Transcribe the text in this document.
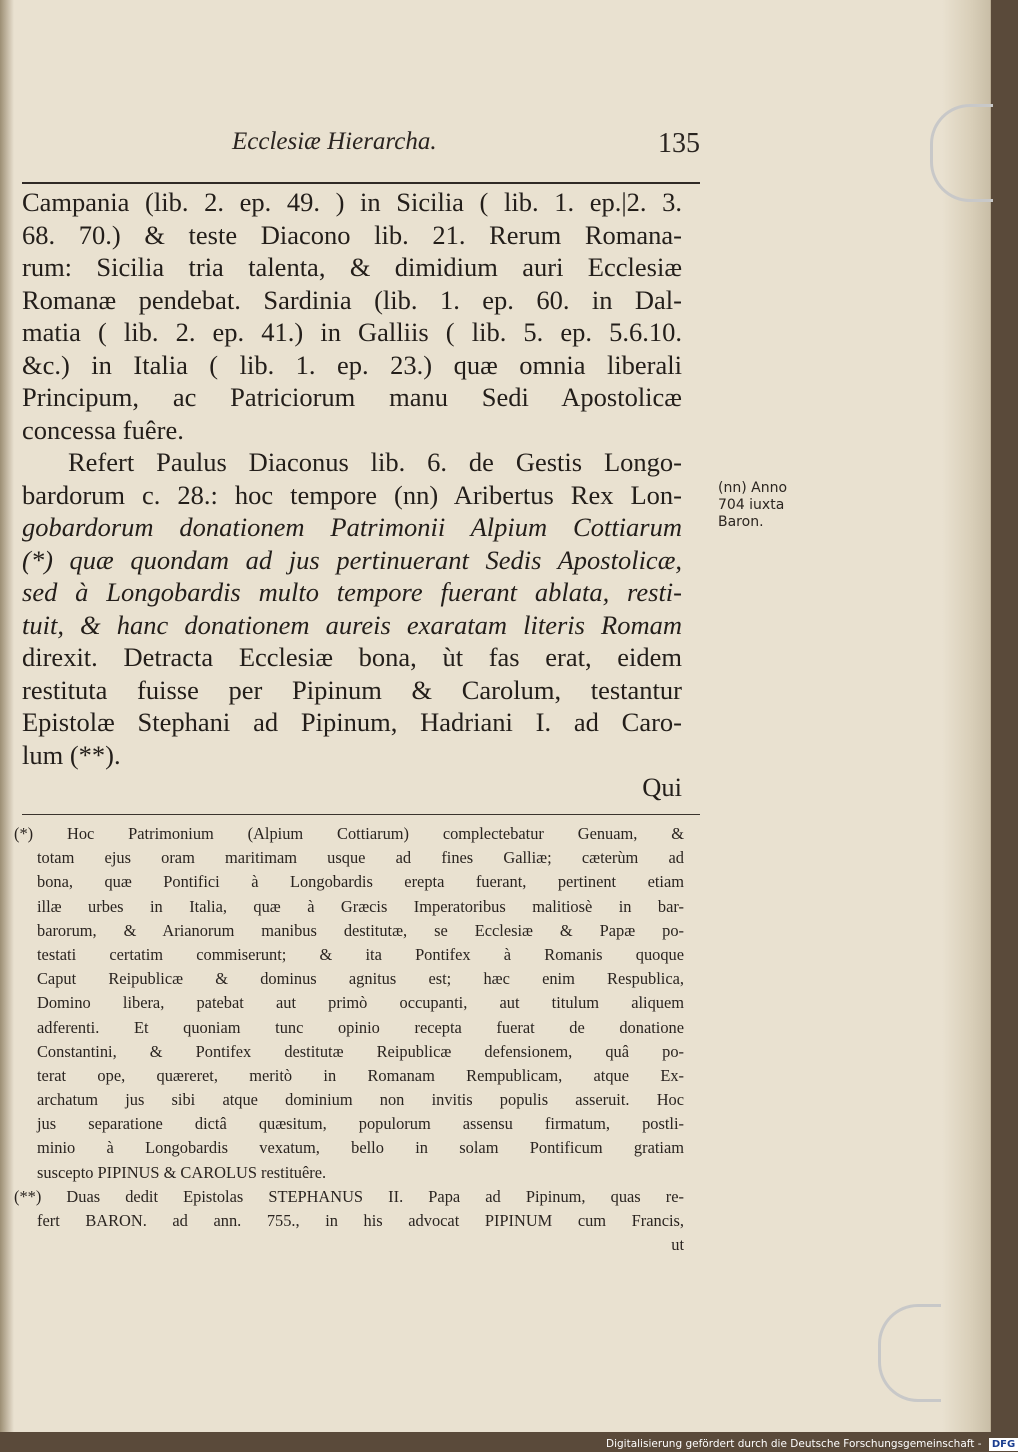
Ecclesiæ Hierarcha.	135
Campania (lib. 2. ep. 49. ) in Sicilia ( lib. 1. ep.|2. 3.
68. 70.) & teste Diacono lib. 21. Rerum Romana-
rum: Sicilia tria talenta, & dimidium auri Ecclesiæ
Romanæ pendebat. Sardinia (lib. 1. ep. 60. in Dal-
matia ( lib. 2. ep. 41.) in Galliis ( lib. 5. ep. 5.6.10.
&c.) in Italia ( lib. 1. ep. 23.) quæ omnia liberali
Principum, ac Patriciorum manu Sedi Apostolicæ
concessa fuêre.
Refert Paulus Diaconus lib. 6. de Gestis Longo-
bardorum c. 28.: hoc tempore (nn) Aribertus Rex Lon-
gobardorum donationem Patrimonii Alpium Cottiarum
(*) quæ quondam ad jus pertinuerant Sedis Apostolicæ,
sed à Longobardis multo tempore fuerant ablata, resti-
tuit, & hanc donationem aureis exaratam literis Romam
direxit. Detracta Ecclesiæ bona, ùt fas erat, eidem
restituta fuisse per Pipinum & Carolum, testantur
Epistolæ Stephani ad Pipinum, Hadriani I. ad Caro-
lum (**).
Qui
(nn) Anno
704 iuxta
Baron.
(*) Hoc Patrimonium (Alpium Cottiarum) complectebatur Genuam, &
totam ejus oram maritimam usque ad fines Galliæ; cæterùm ad
bona, quæ Pontifici à Longobardis erepta fuerant, pertinent etiam
illæ urbes in Italia, quæ à Græcis Imperatoribus malitiosè in bar-
barorum, & Arianorum manibus destitutæ, se Ecclesiæ & Papæ po-
testati certatim commiserunt; & ita Pontifex à Romanis quoque
Caput Reipublicæ & dominus agnitus est; hæc enim Respublica,
Domino libera, patebat aut primò occupanti, aut titulum aliquem
adferenti. Et quoniam tunc opinio recepta fuerat de donatione
Constantini, & Pontifex destitutæ Reipublicæ defensionem, quâ po-
terat ope, quæreret, meritò in Romanam Rempublicam, atque Ex-
archatum jus sibi atque dominium non invitis populis asseruit. Hoc
jus separatione dictâ quæsitum, populorum assensu firmatum, postli-
minio à Longobardis vexatum, bello in solam Pontificum gratiam
suscepto PIPINUS & CAROLUS restituêre.
(**) Duas dedit Epistolas STEPHANUS II. Papa ad Pipinum, quas re-
fert BARON. ad ann. 755., in his advocat PIPINUM cum Francis,
ut
Digitalisierung gefördert durch die Deutsche Forschungsgemeinschaft - DFG
